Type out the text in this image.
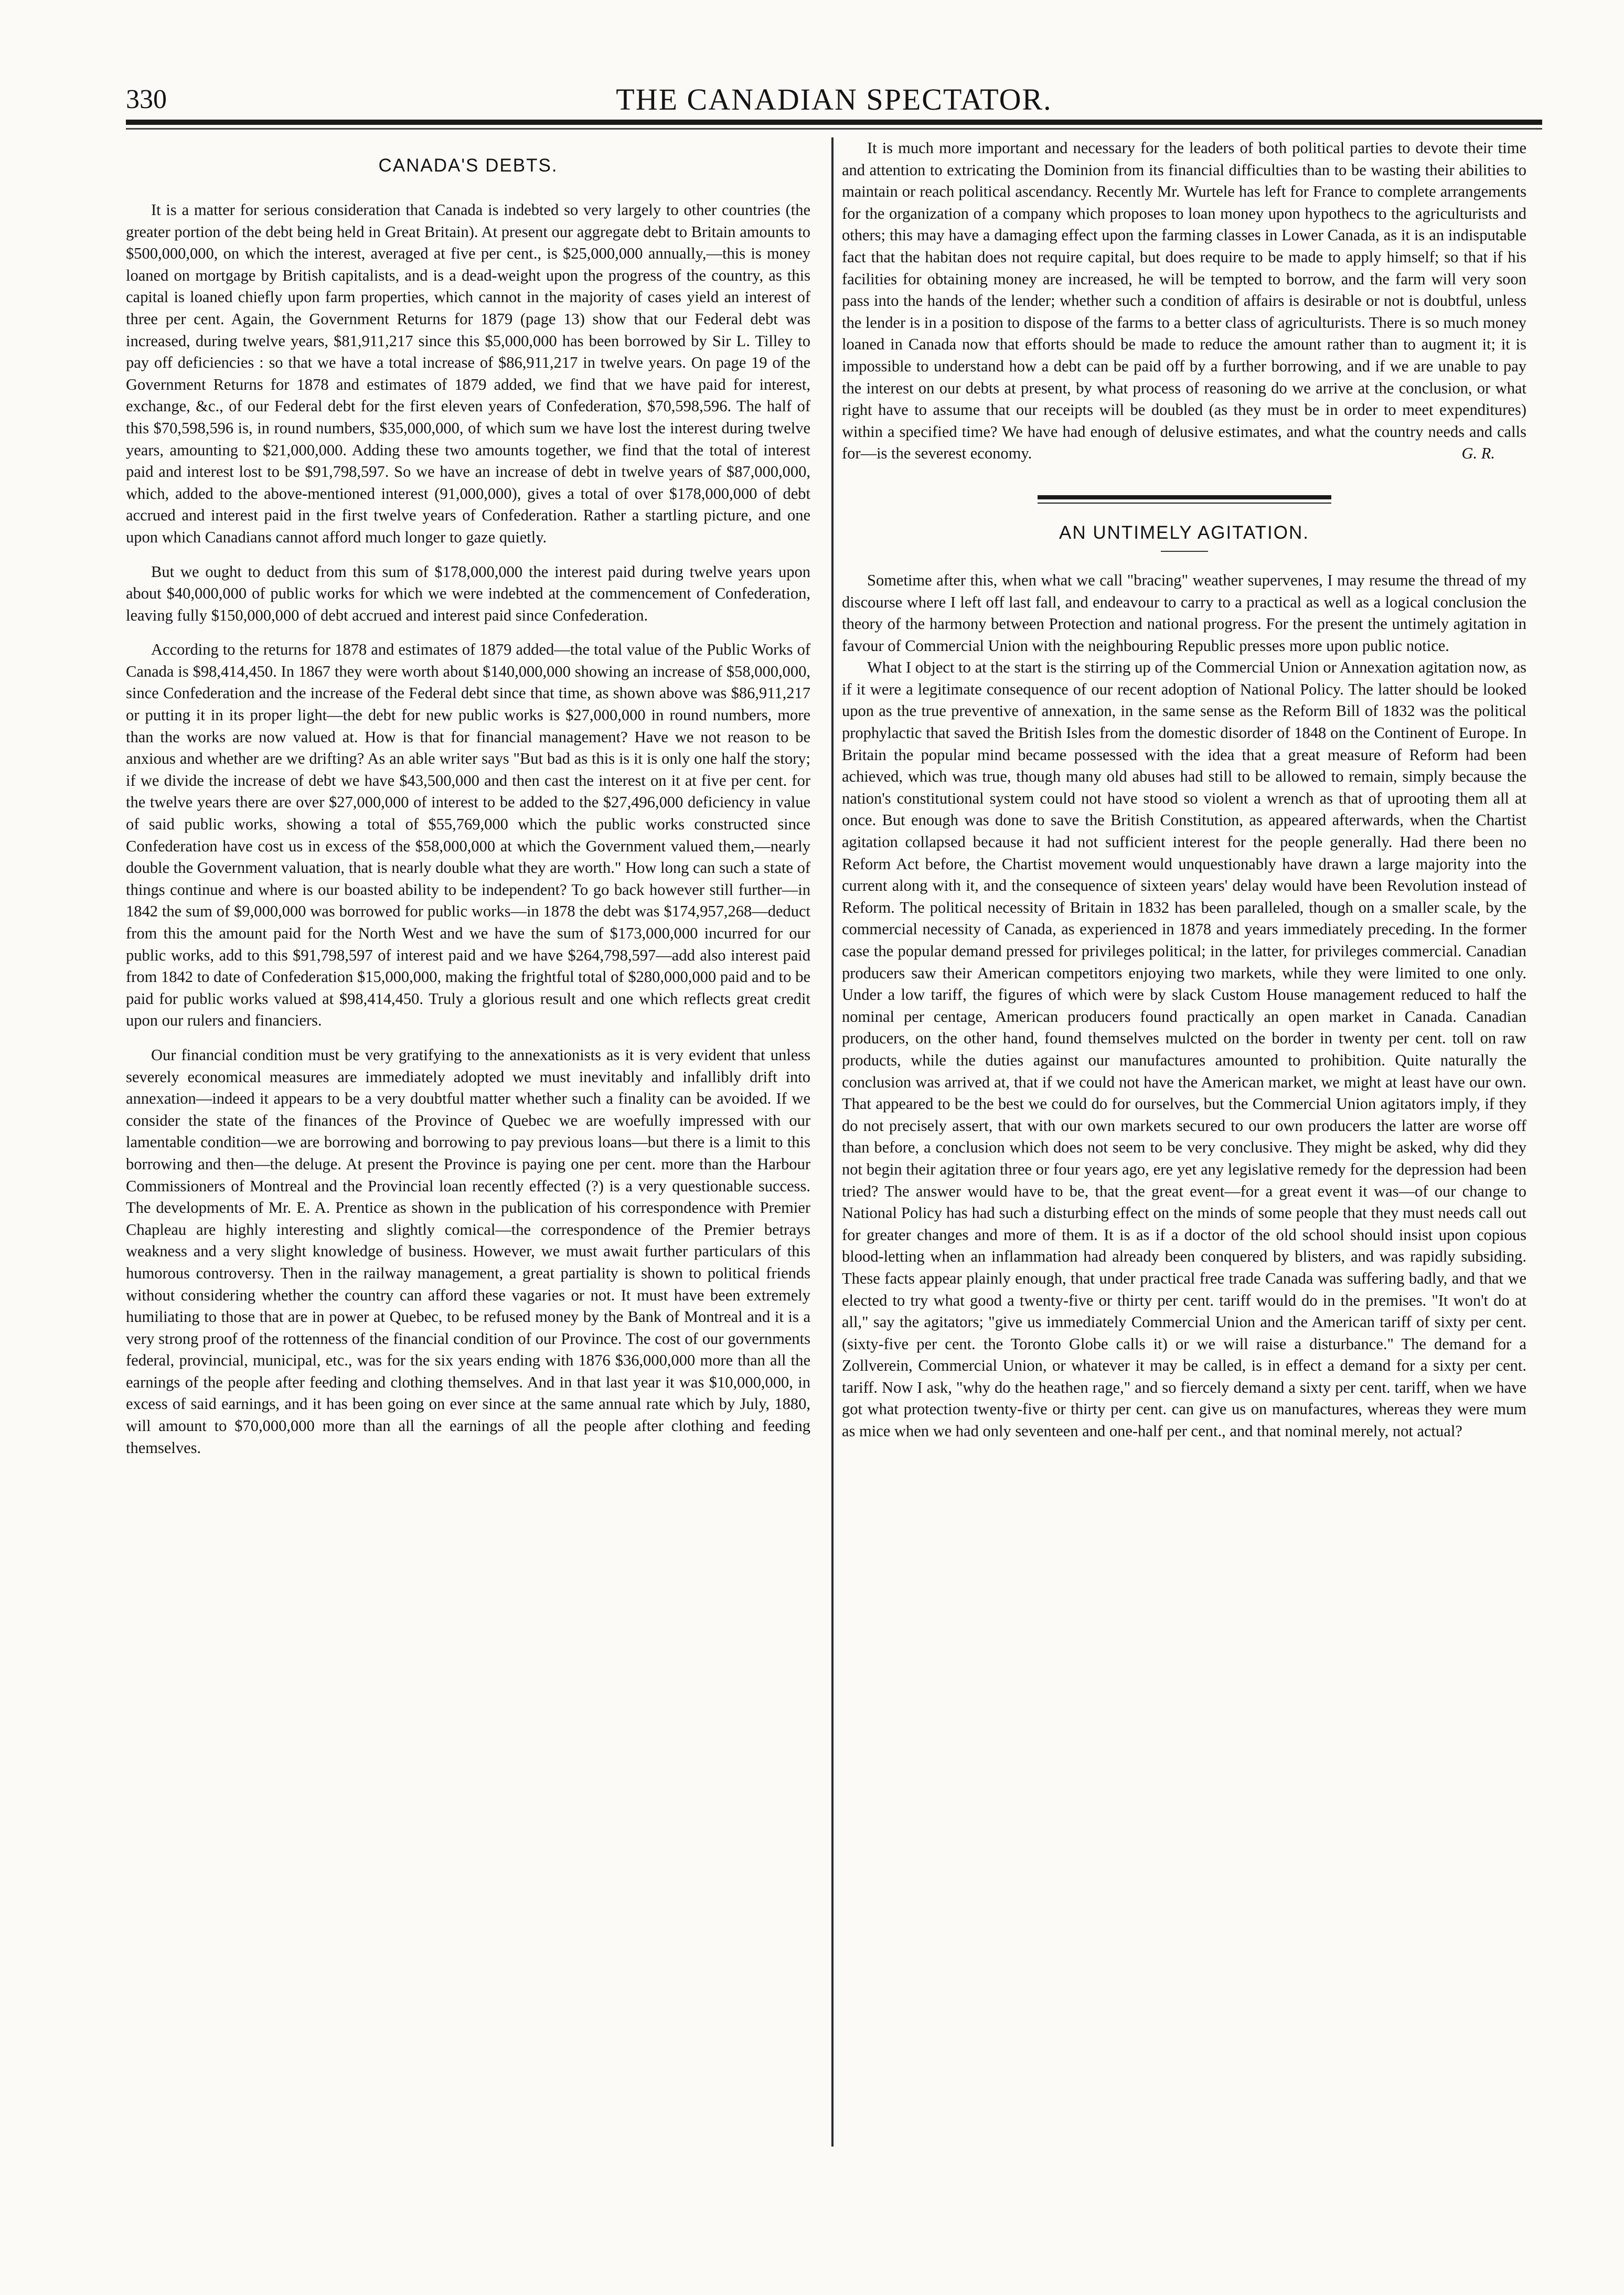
330	THE CANADIAN SPECTATOR.
CANADA'S DEBTS.

It is a matter for serious consideration that Canada is indebted so very largely to other countries (the greater portion of the debt being held in Great Britain). At present our aggregate debt to Britain amounts to $500,000,000, on which the interest, averaged at five per cent., is $25,000,000 annually,—this is money loaned on mortgage by British capitalists, and is a dead-weight upon the progress of the country, as this capital is loaned chiefly upon farm properties, which cannot in the majority of cases yield an interest of three per cent. Again, the Government Returns for 1879 (page 13) show that our Federal debt was increased, during twelve years, $81,911,217 since this $5,000,000 has been borrowed by Sir L. Tilley to pay off deficiencies : so that we have a total increase of $86,911,217 in twelve years. On page 19 of the Government Returns for 1878 and estimates of 1879 added, we find that we have paid for interest, exchange, &c., of our Federal debt for the first eleven years of Confederation, $70,598,596. The half of this $70,598,596 is, in round numbers, $35,000,000, of which sum we have lost the interest during twelve years, amounting to $21,000,000. Adding these two amounts together, we find that the total of interest paid and interest lost to be $91,798,597. So we have an increase of debt in twelve years of $87,000,000, which, added to the above-mentioned interest (91,000,000), gives a total of over $178,000,000 of debt accrued and interest paid in the first twelve years of Confederation. Rather a startling picture, and one upon which Canadians cannot afford much longer to gaze quietly.

But we ought to deduct from this sum of $178,000,000 the interest paid during twelve years upon about $40,000,000 of public works for which we were indebted at the commencement of Confederation, leaving fully $150,000,000 of debt accrued and interest paid since Confederation.

According to the returns for 1878 and estimates of 1879 added—the total value of the Public Works of Canada is $98,414,450. In 1867 they were worth about $140,000,000 showing an increase of $58,000,000, since Confederation and the increase of the Federal debt since that time, as shown above was $86,911,217 or putting it in its proper light—the debt for new public works is $27,000,000 in round numbers, more than the works are now valued at. How is that for financial management? Have we not reason to be anxious and whether are we drifting? As an able writer says "But bad as this is it is only one half the story; if we divide the increase of debt we have $43,500,000 and then cast the interest on it at five per cent. for the twelve years there are over $27,000,000 of interest to be added to the $27,496,000 deficiency in value of said public works, showing a total of $55,769,000 which the public works constructed since Confederation have cost us in excess of the $58,000,000 at which the Government valued them,—nearly double the Government valuation, that is nearly double what they are worth." How long can such a state of things continue and where is our boasted ability to be independent? To go back however still further—in 1842 the sum of $9,000,000 was borrowed for public works—in 1878 the debt was $174,957,268—deduct from this the amount paid for the North West and we have the sum of $173,000,000 incurred for our public works, add to this $91,798,597 of interest paid and we have $264,798,597—add also interest paid from 1842 to date of Confederation $15,000,000, making the frightful total of $280,000,000 paid and to be paid for public works valued at $98,414,450. Truly a glorious result and one which reflects great credit upon our rulers and financiers.

Our financial condition must be very gratifying to the annexationists as it is very evident that unless severely economical measures are immediately adopted we must inevitably and infallibly drift into annexation—indeed it appears to be a very doubtful matter whether such a finality can be avoided. If we consider the state of the finances of the Province of Quebec we are woefully impressed with our lamentable condition—we are borrowing and borrowing to pay previous loans—but there is a limit to this borrowing and then—the deluge. At present the Province is paying one per cent. more than the Harbour Commissioners of Montreal and the Provincial loan recently effected (?) is a very questionable success. The developments of Mr. E. A. Prentice as shown in the publication of his correspondence with Premier Chapleau are highly interesting and slightly comical—the correspondence of the Premier betrays weakness and a very slight knowledge of business. However, we must await further particulars of this humorous controversy. Then in the railway management, a great partiality is shown to political friends without considering whether the country can afford these vagaries or not. It must have been extremely humiliating to those that are in power at Quebec, to be refused money by the Bank of Montreal and it is a very strong proof of the rottenness of the financial condition of our Province. The cost of our governments federal, provincial, municipal, etc., was for the six years ending with 1876 $36,000,000 more than all the earnings of the people after feeding and clothing themselves. And in that last year it was $10,000,000, in excess of said earnings, and it has been going on ever since at the same annual rate which by July, 1880, will amount to $70,000,000 more than all the earnings of all the people after clothing and feeding themselves.

It is much more important and necessary for the leaders of both political parties to devote their time and attention to extricating the Dominion from its financial difficulties than to be wasting their abilities to maintain or reach political ascendancy. Recently Mr. Wurtele has left for France to complete arrangements for the organization of a company which proposes to loan money upon hypothecs to the agriculturists and others; this may have a damaging effect upon the farming classes in Lower Canada, as it is an indisputable fact that the habitan does not require capital, but does require to be made to apply himself; so that if his facilities for obtaining money are increased, he will be tempted to borrow, and the farm will very soon pass into the hands of the lender; whether such a condition of affairs is desirable or not is doubtful, unless the lender is in a position to dispose of the farms to a better class of agriculturists. There is so much money loaned in Canada now that efforts should be made to reduce the amount rather than to augment it; it is impossible to understand how a debt can be paid off by a further borrowing, and if we are unable to pay the interest on our debts at present, by what process of reasoning do we arrive at the conclusion, or what right have to assume that our receipts will be doubled (as they must be in order to meet expenditures) within a specified time? We have had enough of delusive estimates, and what the country needs and calls for—is the severest economy.	G. R.

AN UNTIMELY AGITATION.

Sometime after this, when what we call "bracing" weather supervenes, I may resume the thread of my discourse where I left off last fall, and endeavour to carry to a practical as well as a logical conclusion the theory of the harmony between Protection and national progress. For the present the untimely agitation in favour of Commercial Union with the neighbouring Republic presses more upon public notice.

What I object to at the start is the stirring up of the Commercial Union or Annexation agitation now, as if it were a legitimate consequence of our recent adoption of National Policy. The latter should be looked upon as the true preventive of annexation, in the same sense as the Reform Bill of 1832 was the political prophylactic that saved the British Isles from the domestic disorder of 1848 on the Continent of Europe. In Britain the popular mind became possessed with the idea that a great measure of Reform had been achieved, which was true, though many old abuses had still to be allowed to remain, simply because the nation's constitutional system could not have stood so violent a wrench as that of uprooting them all at once. But enough was done to save the British Constitution, as appeared afterwards, when the Chartist agitation collapsed because it had not sufficient interest for the people generally. Had there been no Reform Act before, the Chartist movement would unquestionably have drawn a large majority into the current along with it, and the consequence of sixteen years' delay would have been Revolution instead of Reform. The political necessity of Britain in 1832 has been paralleled, though on a smaller scale, by the commercial necessity of Canada, as experienced in 1878 and years immediately preceding. In the former case the popular demand pressed for privileges political; in the latter, for privileges commercial. Canadian producers saw their American competitors enjoying two markets, while they were limited to one only. Under a low tariff, the figures of which were by slack Custom House management reduced to half the nominal per centage, American producers found practically an open market in Canada. Canadian producers, on the other hand, found themselves mulcted on the border in twenty per cent. toll on raw products, while the duties against our manufactures amounted to prohibition. Quite naturally the conclusion was arrived at, that if we could not have the American market, we might at least have our own. That appeared to be the best we could do for ourselves, but the Commercial Union agitators imply, if they do not precisely assert, that with our own markets secured to our own producers the latter are worse off than before, a conclusion which does not seem to be very conclusive. They might be asked, why did they not begin their agitation three or four years ago, ere yet any legislative remedy for the depression had been tried? The answer would have to be, that the great event—for a great event it was—of our change to National Policy has had such a disturbing effect on the minds of some people that they must needs call out for greater changes and more of them. It is as if a doctor of the old school should insist upon copious blood-letting when an inflammation had already been conquered by blisters, and was rapidly subsiding. These facts appear plainly enough, that under practical free trade Canada was suffering badly, and that we elected to try what good a twenty-five or thirty per cent. tariff would do in the premises. "It won't do at all," say the agitators; "give us immediately Commercial Union and the American tariff of sixty per cent. (sixty-five per cent. the Toronto Globe calls it) or we will raise a disturbance." The demand for a Zollverein, Commercial Union, or whatever it may be called, is in effect a demand for a sixty per cent. tariff. Now I ask, "why do the heathen rage," and so fiercely demand a sixty per cent. tariff, when we have got what protection twenty-five or thirty per cent. can give us on manufactures, whereas they were mum as mice when we had only seventeen and one-half per cent., and that nominal merely, not actual?
